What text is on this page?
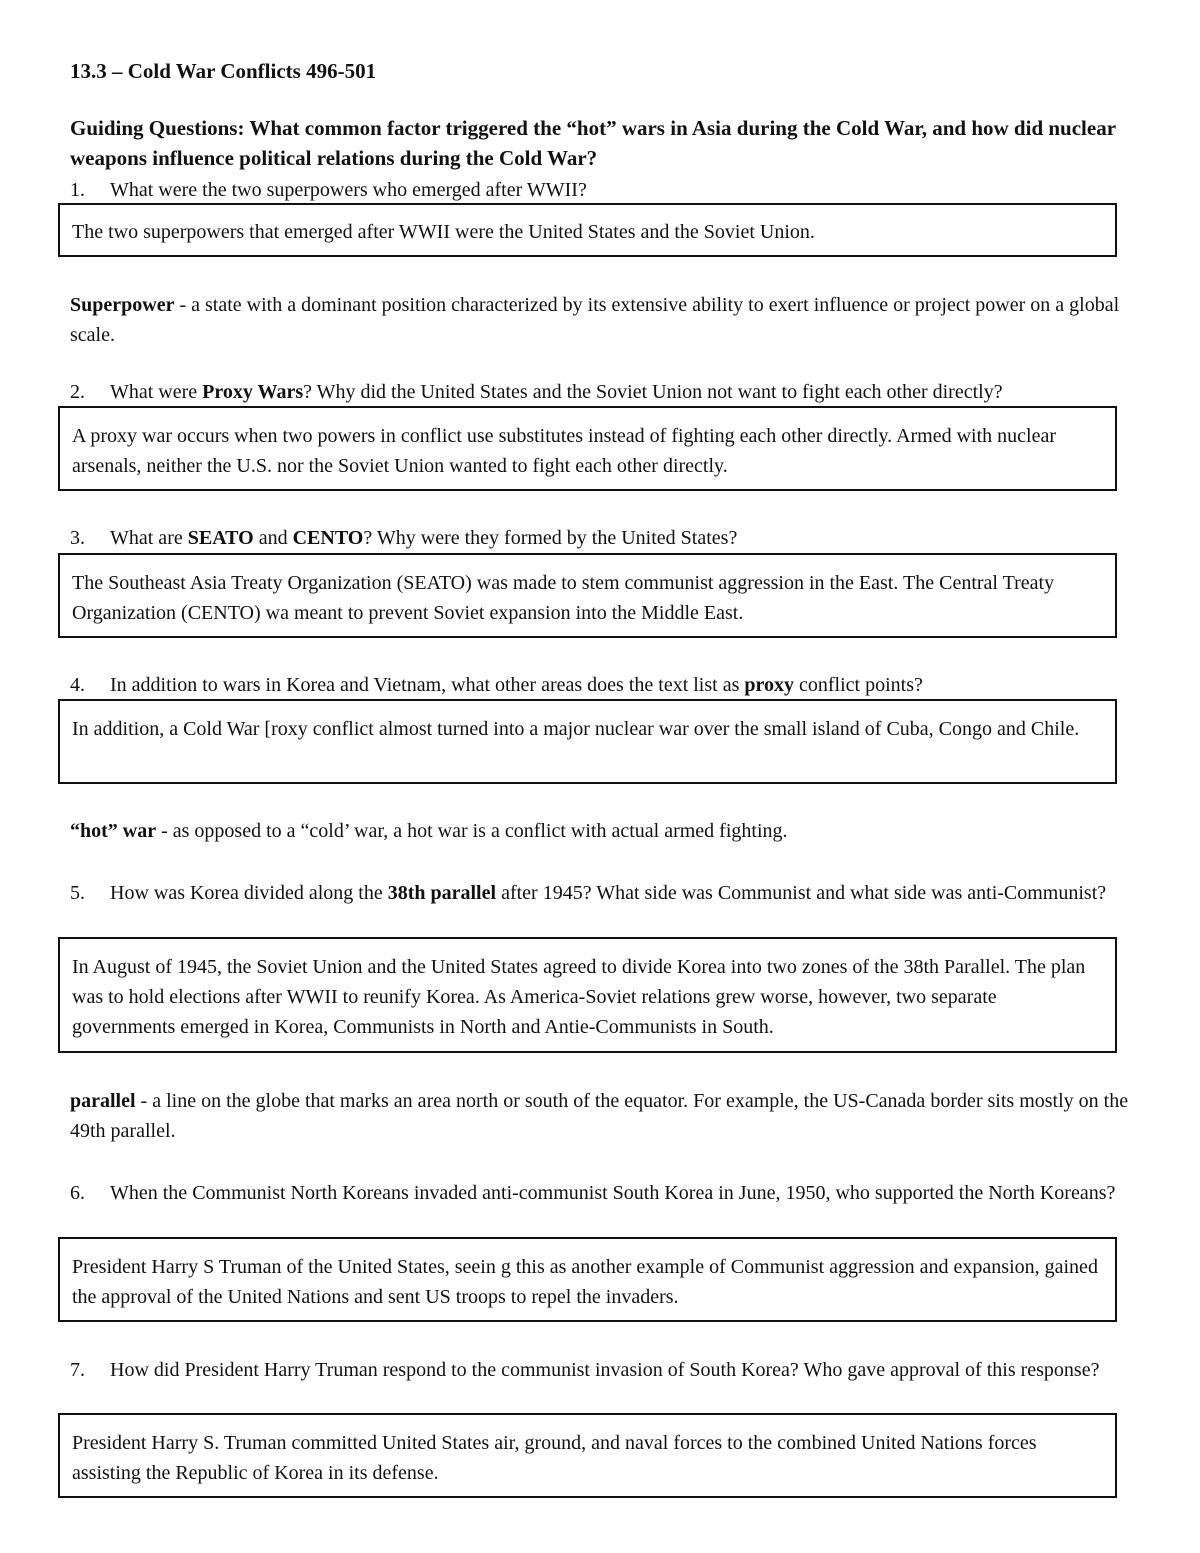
13.3 – Cold War Conflicts 496-501
Guiding Questions: What common factor triggered the “hot” wars in Asia during the Cold War, and how did nuclear weapons influence political relations during the Cold War?
1. What were the two superpowers who emerged after WWII?
The two superpowers that emerged after WWII were the United States and the Soviet Union.
Superpower - a state with a dominant position characterized by its extensive ability to exert influence or project power on a global scale.
2. What were Proxy Wars? Why did the United States and the Soviet Union not want to fight each other directly?
A proxy war occurs when two powers in conflict use substitutes instead of fighting each other directly. Armed with nuclear arsenals, neither the U.S. nor the Soviet Union wanted to fight each other directly.
3. What are SEATO and CENTO? Why were they formed by the United States?
The Southeast Asia Treaty Organization (SEATO) was made to stem communist aggression in the East. The Central Treaty Organization (CENTO) wa meant to prevent Soviet expansion into the Middle East.
4. In addition to wars in Korea and Vietnam, what other areas does the text list as proxy conflict points?
In addition, a Cold War [roxy conflict almost turned into a major nuclear war over the small island of Cuba, Congo and Chile.
“hot” war - as opposed to a “cold’ war, a hot war is a conflict with actual armed fighting.
5. How was Korea divided along the 38th parallel after 1945? What side was Communist and what side was anti-Communist?
In August of 1945, the Soviet Union and the United States agreed to divide Korea into two zones of the 38th Parallel. The plan was to hold elections after WWII to reunify Korea. As America-Soviet relations grew worse, however, two separate governments emerged in Korea, Communists in North and Antie-Communists in South.
parallel - a line on the globe that marks an area north or south of the equator. For example, the US-Canada border sits mostly on the 49th parallel.
6. When the Communist North Koreans invaded anti-communist South Korea in June, 1950, who supported the North Koreans?
President Harry S Truman of the United States, seein g this as another example of Communist aggression and expansion, gained the approval of the United Nations and sent US troops to repel the invaders.
7. How did President Harry Truman respond to the communist invasion of South Korea? Who gave approval of this response?
President Harry S. Truman committed United States air, ground, and naval forces to the combined United Nations forces assisting the Republic of Korea in its defense.
